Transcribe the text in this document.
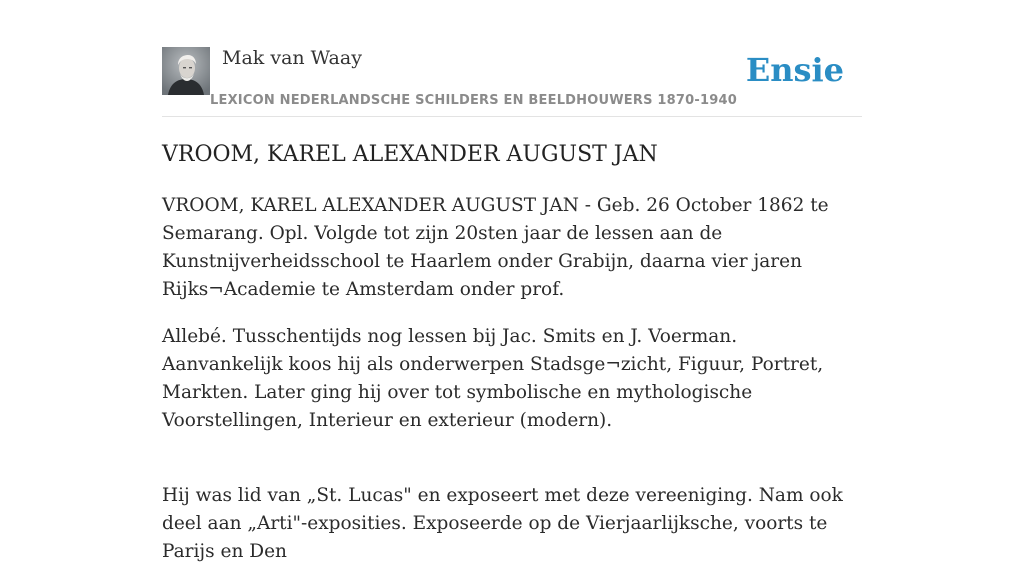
Mak van Waay
LEXICON NEDERLANDSCHE SCHILDERS EN BEELDHOUWERS 1870-1940
Ensie
VROOM, KAREL ALEXANDER AUGUST JAN

VROOM, KAREL ALEXANDER AUGUST JAN - Geb. 26 October 1862 te Semarang. Opl. Volgde tot zijn 20sten jaar de lessen aan de Kunstnijverheidsschool te Haarlem onder Grabijn, daarna vier jaren Rijks¬Academie te Amsterdam onder prof.

Allebé. Tusschentijds nog lessen bij Jac. Smits en J. Voerman. Aanvankelijk koos hij als onderwerpen Stadsge¬zicht, Figuur, Portret, Markten. Later ging hij over tot symbolische en mythologische Voorstellingen, Interieur en exterieur (modern).

Hij was lid van „St. Lucas" en exposeert met deze vereeniging. Nam ook deel aan „Arti"-exposities. Exposeerde op de Vierjaarlijksche, voorts te Parijs en Den
